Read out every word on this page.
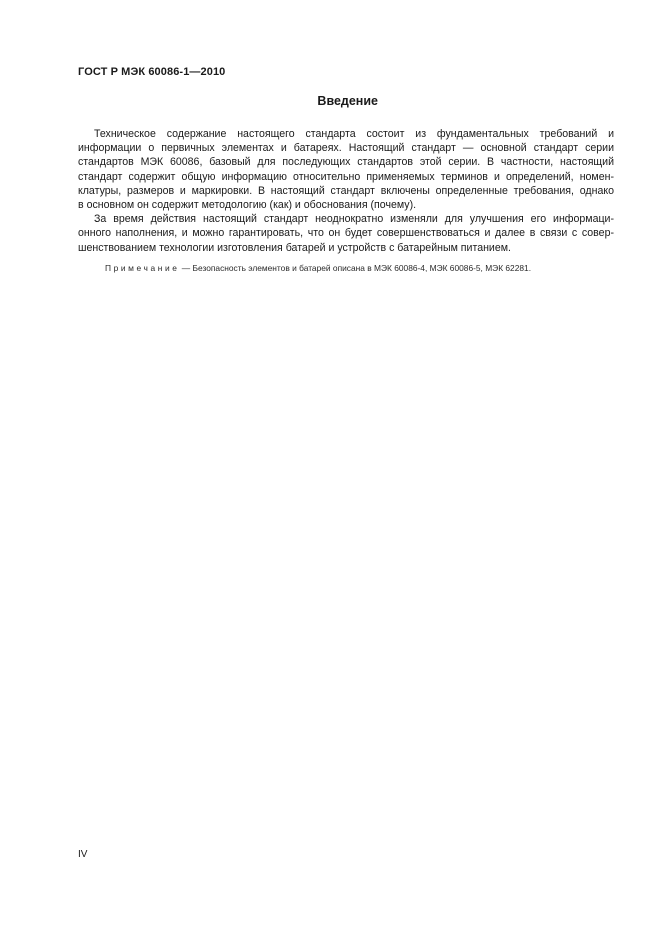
ГОСТ Р МЭК 60086-1—2010
Введение

Техническое содержание настоящего стандарта состоит из фундаментальных требований и
информации о первичных элементах и батареях. Настоящий стандарт — основной стандарт серии
стандартов МЭК 60086, базовый для последующих стандартов этой серии. В частности, настоящий
стандарт содержит общую информацию относительно применяемых терминов и определений, номен-
клатуры, размеров и маркировки. В настоящий стандарт включены определенные требования, однако
в основном он содержит методологию (как) и обоснования (почему).

За время действия настоящий стандарт неоднократно изменяли для улучшения его информаци-
онного наполнения, и можно гарантировать, что он будет совершенствоваться и далее в связи с совер-
шенствованием технологии изготовления батарей и устройств с батарейным питанием.

Примечание — Безопасность элементов и батарей описана в МЭК 60086-4, МЭК 60086-5, МЭК 62281.
IV
